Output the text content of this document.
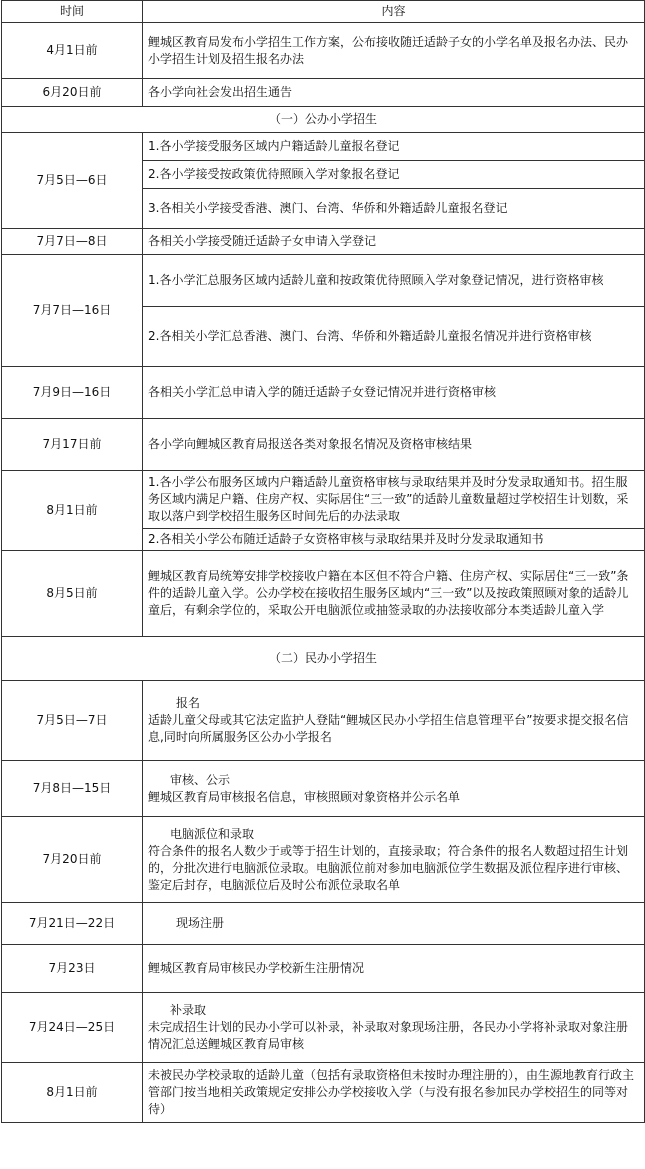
时间	内容
4月1日前	鲤城区教育局发布小学招生工作方案，公布接收随迁适龄子女的小学名单及报名办法、民办小学招生计划及招生报名办法
6月20日前	各小学向社会发出招生通告
（一）公办小学招生	
7月5日—6日	1.各小学接受服务区域内户籍适龄儿童报名登记
	2.各小学接受按政策优待照顾入学对象报名登记
	3.各相关小学接受香港、澳门、台湾、华侨和外籍适龄儿童报名登记
7月7日—8日	各相关小学接受随迁适龄子女申请入学登记
7月7日—16日	1.各小学汇总服务区域内适龄儿童和按政策优待照顾入学对象登记情况，进行资格审核
	2.各相关小学汇总香港、澳门、台湾、华侨和外籍适龄儿童报名情况并进行资格审核
7月9日—16日	各相关小学汇总申请入学的随迁适龄子女登记情况并进行资格审核
7月17日前	各小学向鲤城区教育局报送各类对象报名情况及资格审核结果
8月1日前	1.各小学公布服务区域内户籍适龄儿童资格审核与录取结果并及时分发录取通知书。招生服务区域内满足户籍、住房产权、实际居住“三一致”的适龄儿童数量超过学校招生计划数，采取以落户到学校招生服务区时间先后的办法录取
	2.各相关小学公布随迁适龄子女资格审核与录取结果并及时分发录取通知书
8月5日前	鲤城区教育局统筹安排学校接收户籍在本区但不符合户籍、住房产权、实际居住“三一致”条件的适龄儿童入学。公办学校在接收招生服务区域内“三一致”以及按政策照顾对象的适龄儿童后，有剩余学位的，采取公开电脑派位或抽签录取的办法接收部分本类适龄儿童入学
（二）民办小学招生	
7月5日—7日	报名
适龄儿童父母或其它法定监护人登陆“鲤城区民办小学招生信息管理平台”按要求提交报名信息,同时向所属服务区公办小学报名
7月8日—15日	审核、公示
鲤城区教育局审核报名信息，审核照顾对象资格并公示名单
7月20日前	电脑派位和录取
符合条件的报名人数少于或等于招生计划的，直接录取；符合条件的报名人数超过招生计划的，分批次进行电脑派位录取。电脑派位前对参加电脑派位学生数据及派位程序进行审核、鉴定后封存，电脑派位后及时公布派位录取名单
7月21日—22日	现场注册

7月23日	鲤城区教育局审核民办学校新生注册情况
7月24日—25日	补录取
未完成招生计划的民办小学可以补录，补录取对象现场注册，各民办小学将补录取对象注册情况汇总送鲤城区教育局审核
8月1日前	未被民办学校录取的适龄儿童（包括有录取资格但未按时办理注册的），由生源地教育行政主管部门按当地相关政策规定安排公办学校接收入学（与没有报名参加民办学校招生的同等对待）
